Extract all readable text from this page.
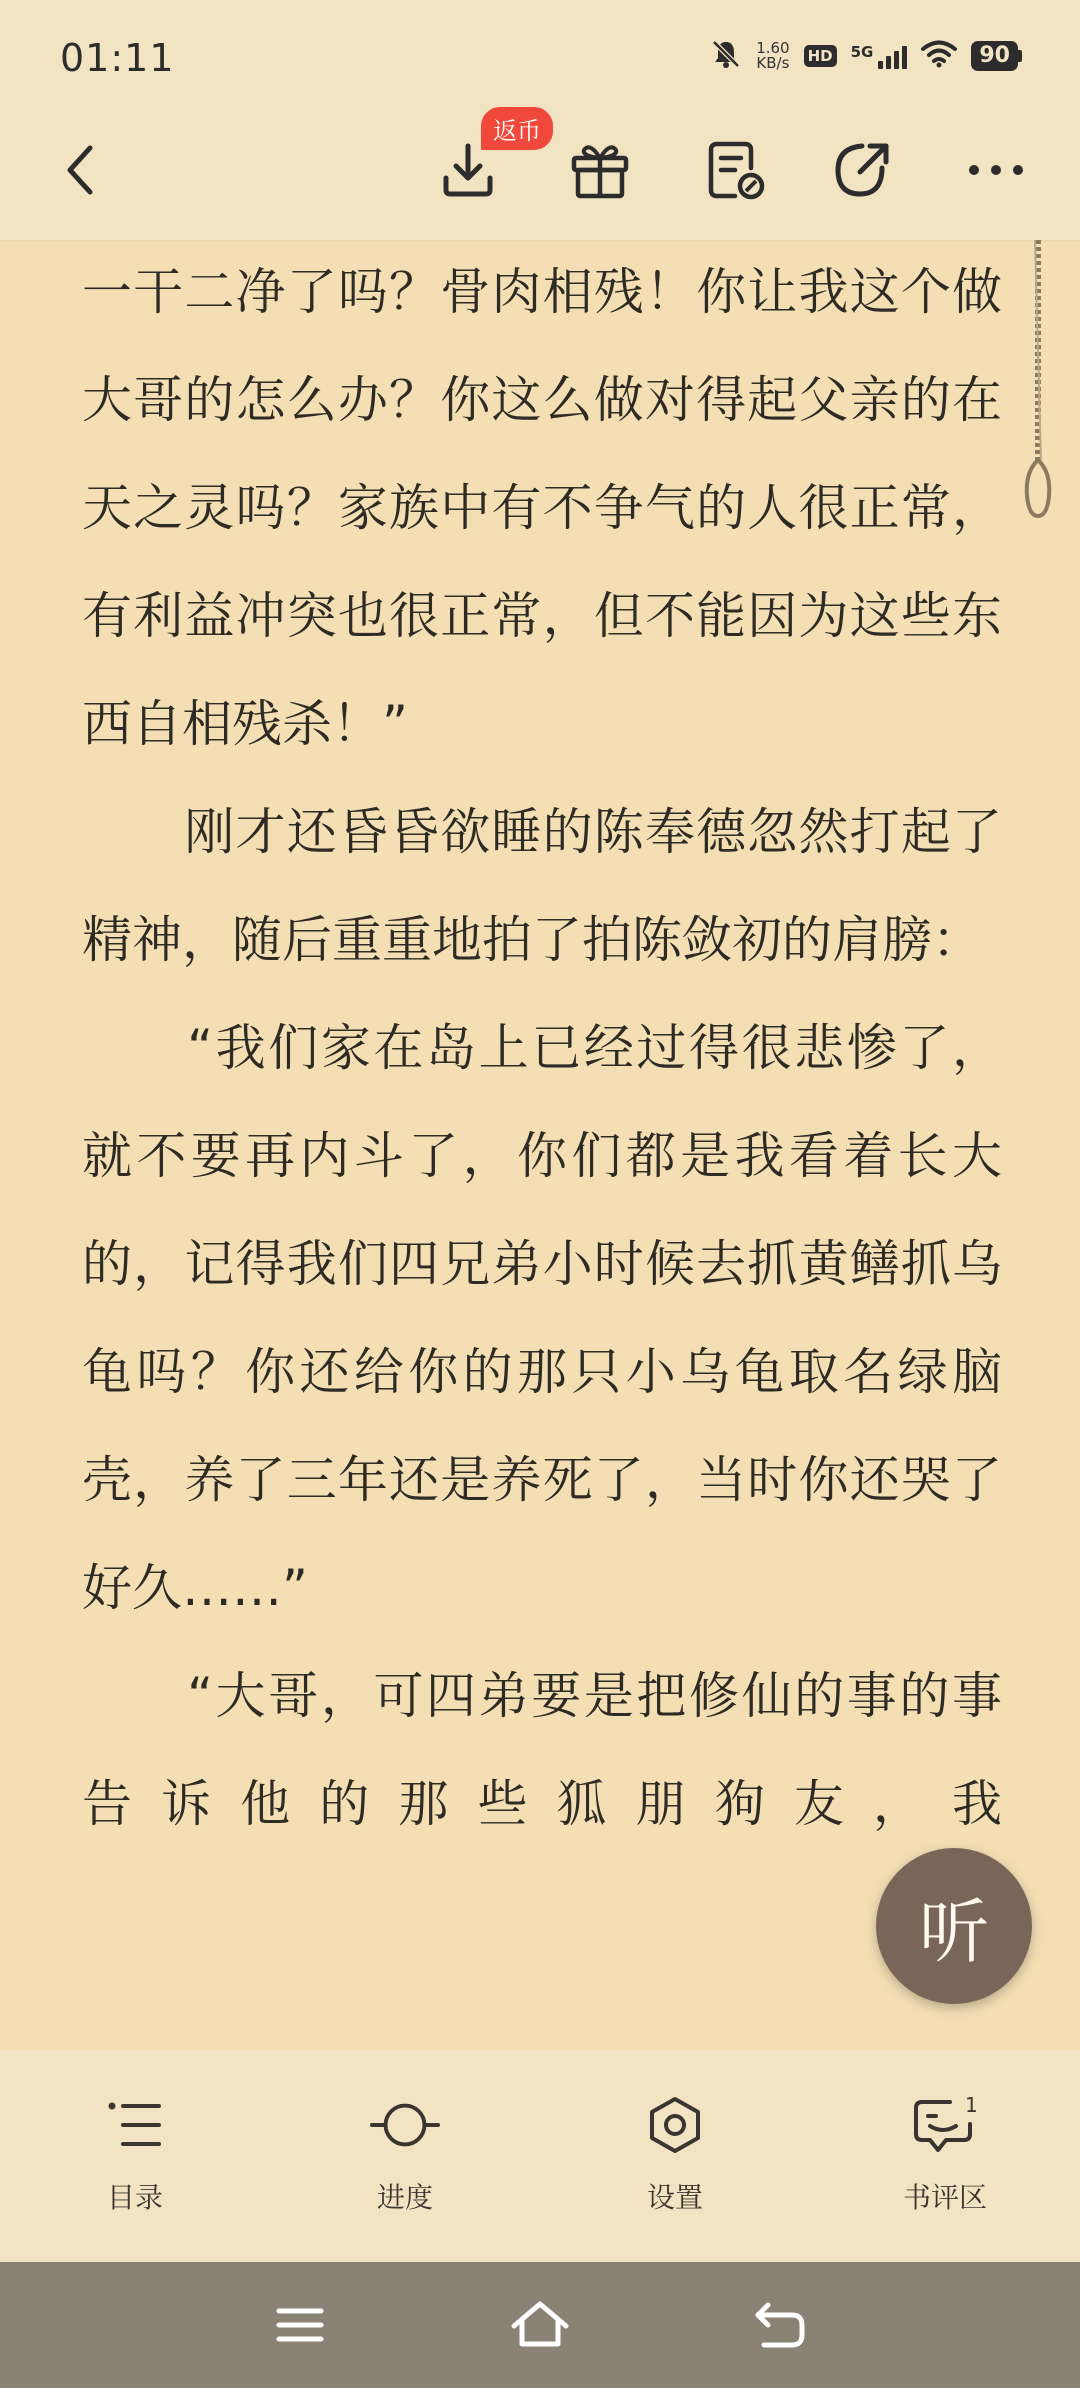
01:11	1.60
KB/s HD 5G	90
返币

一干二净了吗？骨肉相残！你让我这个做大哥的怎么办？你这么做对得起父亲的在天之灵吗？家族中有不争气的人很正常，有利益冲突也很正常，但不能因为这些东西自相残杀！”

　　刚才还昏昏欲睡的陈奉德忽然打起了精神，随后重重地拍了拍陈敛初的肩膀：

　　“我们家在岛上已经过得很悲惨了，就不要再内斗了，你们都是我看着长大的，记得我们四兄弟小时候去抓黄鳝抓乌龟吗？你还给你的那只小乌龟取名绿脑壳，养了三年还是养死了，当时你还哭了好久……”

　　“大哥，可四弟要是把修仙的事的事告诉他的那些狐朋狗友，我

听
目录	进度	设置
1
书评区
